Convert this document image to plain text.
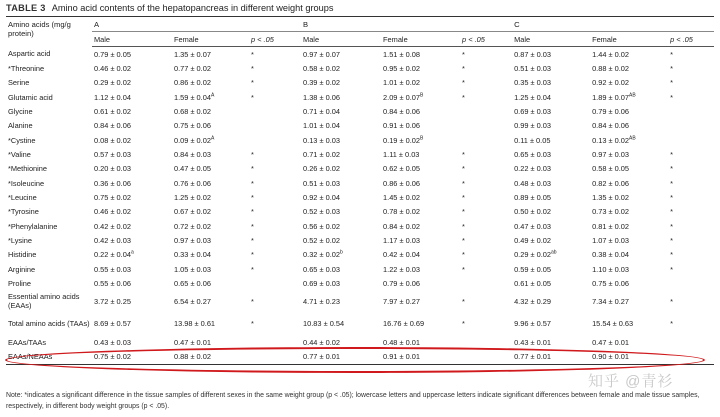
TABLE 3 Amino acid contents of the hepatopancreas in different weight groups
Amino acids (mg/g protein)	A			B			C		
	Male	Female	p < .05	Male	Female	p < .05	Male	Female	p < .05
Aspartic acid	0.79 ± 0.05	1.35 ± 0.07	*	0.97 ± 0.07	1.51 ± 0.08	*	0.87 ± 0.03	1.44 ± 0.02	*
*Threonine	0.46 ± 0.02	0.77 ± 0.02	*	0.58 ± 0.02	0.95 ± 0.02	*	0.51 ± 0.03	0.88 ± 0.02	*
Serine	0.29 ± 0.02	0.86 ± 0.02	*	0.39 ± 0.02	1.01 ± 0.02	*	0.35 ± 0.03	0.92 ± 0.02	*
Glutamic acid	1.12 ± 0.04	$1.59 \pm 0.04^A$	*	1.38 ± 0.06	$2.09 \pm 0.07^B$	*	1.25 ± 0.04	$1.89 \pm 0.07^{AB}$	*
Glycine	0.61 ± 0.02	0.68 ± 0.02		0.71 ± 0.04	0.84 ± 0.06		0.69 ± 0.03	0.79 ± 0.06	
Alanine	0.84 ± 0.06	0.75 ± 0.06		1.01 ± 0.04	0.91 ± 0.06		0.99 ± 0.03	0.84 ± 0.06	
*Cystine	0.08 ± 0.02	$0.09 \pm 0.02^A$		0.13 ± 0.03	$0.19 \pm 0.02^B$		0.11 ± 0.05	$0.13 \pm 0.02^{AB}$	
*Valine	0.57 ± 0.03	0.84 ± 0.03	*	0.71 ± 0.02	1.11 ± 0.03	*	0.65 ± 0.03	0.97 ± 0.03	*
*Methionine	0.20 ± 0.03	0.47 ± 0.05	*	0.26 ± 0.02	0.62 ± 0.05	*	0.22 ± 0.03	0.58 ± 0.05	*
*Isoleucine	0.36 ± 0.06	0.76 ± 0.06	*	0.51 ± 0.03	0.86 ± 0.06	*	0.48 ± 0.03	0.82 ± 0.06	*
*Leucine	0.75 ± 0.02	1.25 ± 0.02	*	0.92 ± 0.04	1.45 ± 0.02	*	0.89 ± 0.05	1.35 ± 0.02	*
*Tyrosine	0.46 ± 0.02	0.67 ± 0.02	*	0.52 ± 0.03	0.78 ± 0.02	*	0.50 ± 0.02	0.73 ± 0.02	*
*Phenylalanine	0.42 ± 0.02	0.72 ± 0.02	*	0.56 ± 0.02	0.84 ± 0.02	*	0.47 ± 0.03	0.81 ± 0.02	*
*Lysine	0.42 ± 0.03	0.97 ± 0.03	*	0.52 ± 0.02	1.17 ± 0.03	*	0.49 ± 0.02	1.07 ± 0.03	*
Histidine	0.22 ± 0.04$^a$	0.33 ± 0.04	*	0.32 ± 0.02$^b$	0.42 ± 0.04	*	0.29 ± 0.02$^{ab}$	0.38 ± 0.04	*
Arginine	0.55 ± 0.03	1.05 ± 0.03	*	0.65 ± 0.03	1.22 ± 0.03	*	0.59 ± 0.05	1.10 ± 0.03	*
Proline	0.55 ± 0.06	0.65 ± 0.06		0.69 ± 0.03	0.79 ± 0.06		0.61 ± 0.05	0.75 ± 0.06	
Essential amino acids (EAAs)	3.72 ± 0.25	6.54 ± 0.27	*	4.71 ± 0.23	7.97 ± 0.27	*	4.32 ± 0.29	7.34 ± 0.27	*
Total amino acids (TAAs)	8.69 ± 0.57	13.98 ± 0.61	*	10.83 ± 0.54	16.76 ± 0.69	*	9.96 ± 0.57	15.54 ± 0.63	*
EAAs/TAAs	0.43 ± 0.03	0.47 ± 0.01		0.44 ± 0.02	0.48 ± 0.01		0.43 ± 0.01	0.47 ± 0.01	
EAAs/NEAAs	0.75 ± 0.02	0.88 ± 0.02		0.77 ± 0.01	0.91 ± 0.01		0.77 ± 0.01	0.90 ± 0.01	
Note: *indicates a significant difference in the tissue samples of different sexes in the same weight group (p < .05); lowercase letters and uppercase letters indicate significant differences between female and male tissue samples, respectively, in different body weight groups (p < .05).
知乎 @青衫
